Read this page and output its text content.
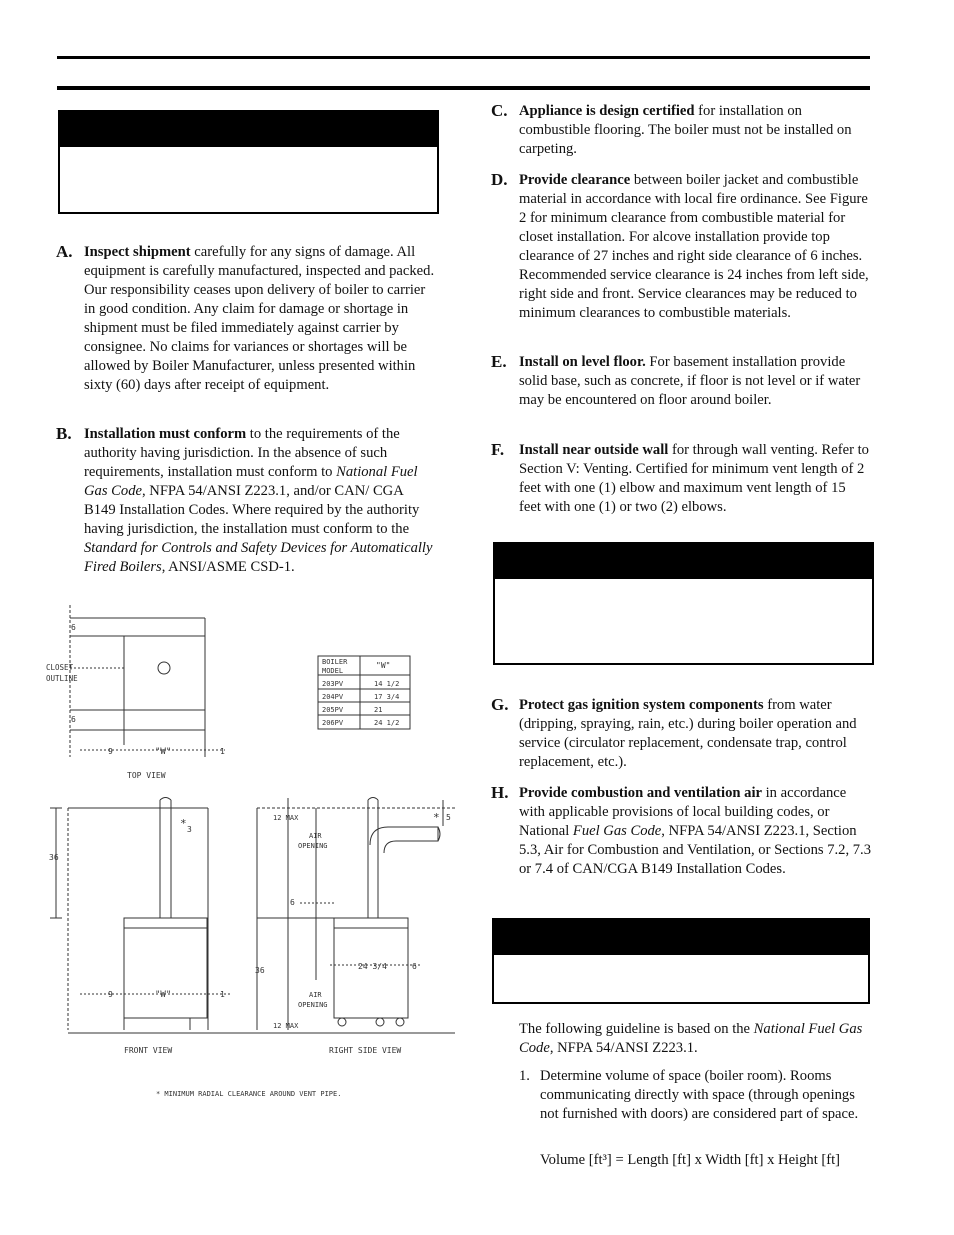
A. Inspect shipment carefully for any signs of damage. All equipment is carefully manufactured, inspected and packed. Our responsibility ceases upon delivery of boiler to carrier in good condition. Any claim for damage or shortage in shipment must be filed immediately against carrier by consignee. No claims for variances or shortages will be allowed by Boiler Manufacturer, unless presented within sixty (60) days after receipt of equipment.
B. Installation must conform to the requirements of the authority having jurisdiction. In the absence of such requirements, installation must conform to National Fuel Gas Code, NFPA 54/ANSI Z223.1, and/or CAN/ CGA B149 Installation Codes. Where required by the authority having jurisdiction, the installation must conform to the Standard for Controls and Safety Devices for Automatically Fired Boilers, ANSI/ASME CSD-1.
C. Appliance is design certified for installation on combustible flooring. The boiler must not be installed on carpeting.
D. Provide clearance between boiler jacket and combustible material in accordance with local fire ordinance. See Figure 2 for minimum clearance from combustible material for closet installation. For alcove installation provide top clearance of 27 inches and right side clearance of 6 inches. Recommended service clearance is 24 inches from left side, right side and front. Service clearances may be reduced to minimum clearances to combustible materials.
E. Install on level floor. For basement installation provide solid base, such as concrete, if floor is not level or if water may be encountered on floor around boiler.
F. Install near outside wall for through wall venting. Refer to Section V: Venting. Certified for minimum vent length of 2 feet with one (1) elbow and maximum vent length of 15 feet with one (1) or two (2) elbows.
G. Protect gas ignition system components from water (dripping, spraying, rain, etc.) during boiler operation and service (circulator replacement, condensate trap, control replacement, etc.).
H. Provide combustion and ventilation air in accordance with applicable provisions of local building codes, or National Fuel Gas Code, NFPA 54/ANSI Z223.1, Section 5.3, Air for Combustion and Ventilation, or Sections 7.2, 7.3 or 7.4 of CAN/CGA B149 Installation Codes.
The following guideline is based on the National Fuel Gas Code, NFPA 54/ANSI Z223.1.
1. Determine volume of space (boiler room). Rooms communicating directly with space (through openings not furnished with doors) are considered part of space.
Volume [ft³] = Length [ft] x Width [ft] x Height [ft]
6
6
CLOSET
OUTLINE
9	"W"	1
TOP VIEW
BOILER
MODEL
"W"
203PV	14 1/2
204PV	17 3/4
205PV	21
206PV	24 1/2
36
* 3
9	"W"	1
FRONT VIEW
12 MAX
AIR
OPENING
* 5
6
36	24 3/4	6
AIR
OPENING
12 MAX
RIGHT SIDE VIEW
* MINIMUM RADIAL CLEARANCE AROUND VENT PIPE.
